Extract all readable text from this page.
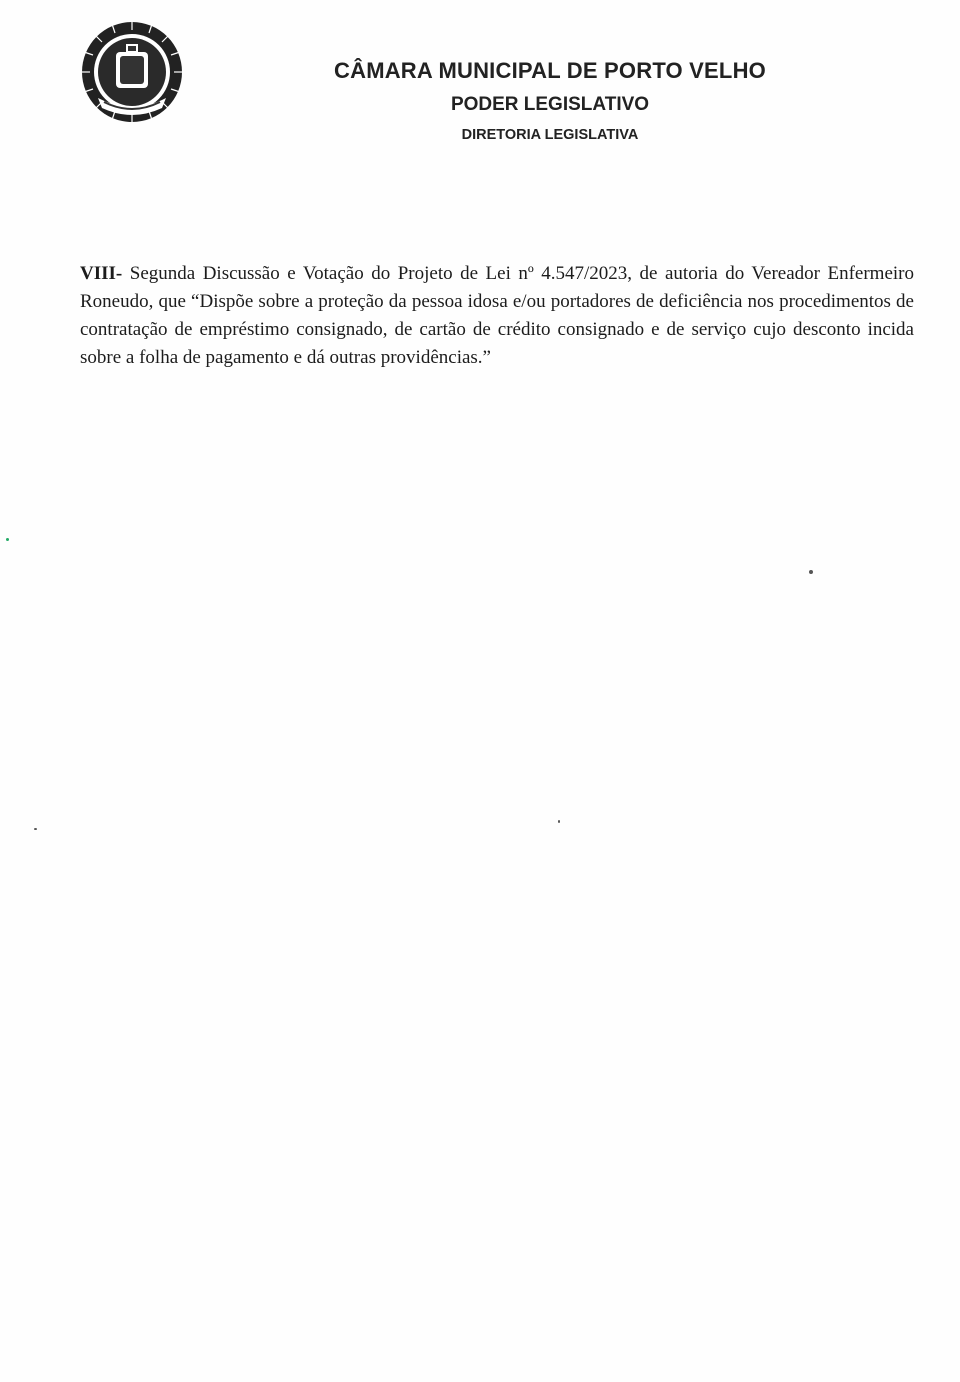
CÂMARA MUNICIPAL DE PORTO VELHO
PODER LEGISLATIVO
DIRETORIA LEGISLATIVA
VIII- Segunda Discussão e Votação do Projeto de Lei nº 4.547/2023, de autoria do Vereador Enfermeiro Roneudo, que “Dispõe sobre a proteção da pessoa idosa e/ou portadores de deficiência nos procedimentos de contratação de empréstimo consignado, de cartão de crédito consignado e de serviço cujo desconto incida sobre a folha de pagamento e dá outras providências.”
